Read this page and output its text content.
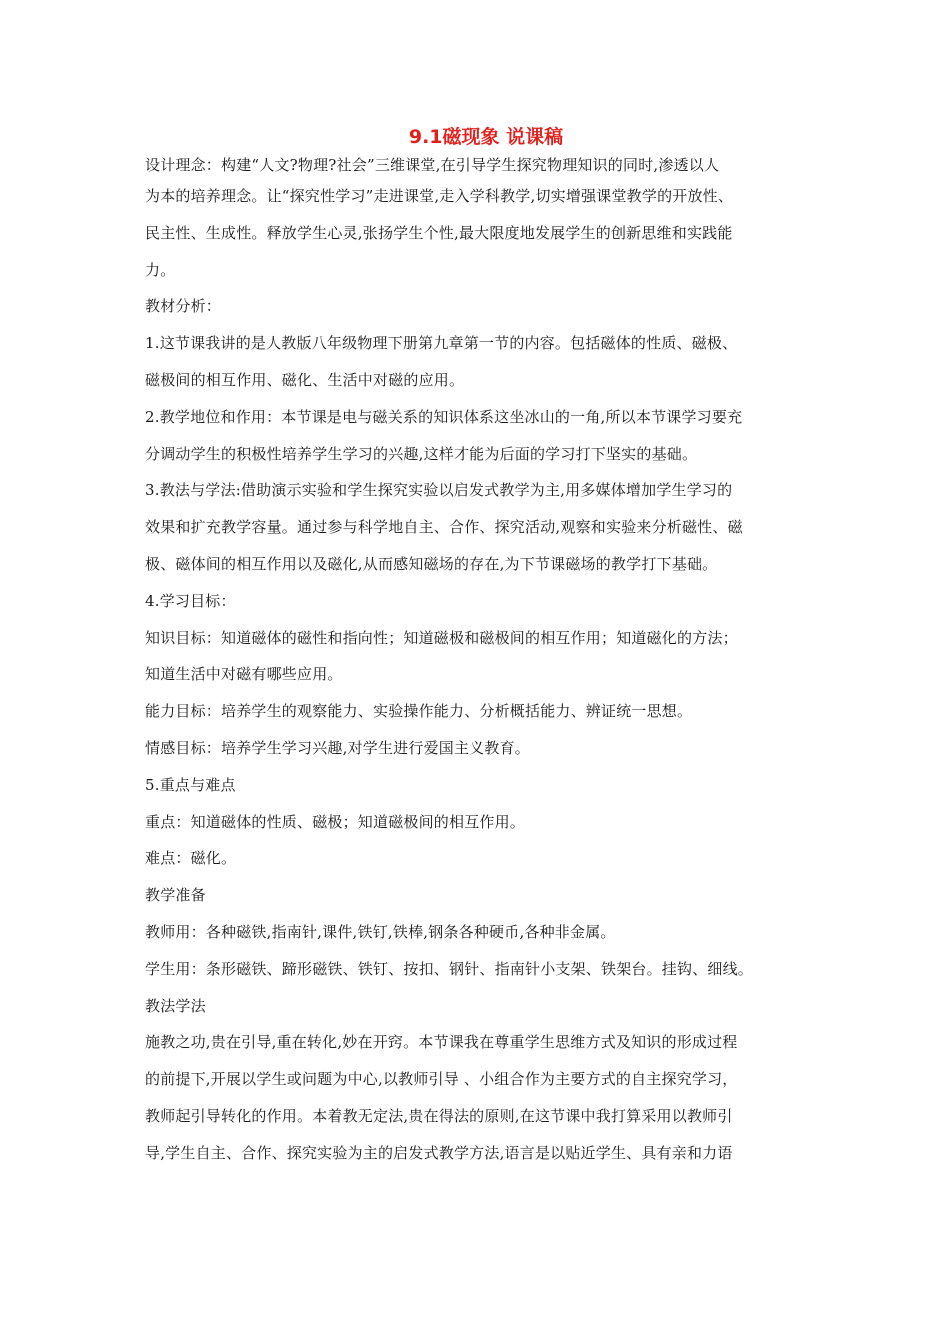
9.1磁现象 说课稿
设计理念：构建“人文?物理?社会”三维课堂,在引导学生探究物理知识的同时,渗透以人
为本的培养理念。让“探究性学习”走进课堂,走入学科教学,切实增强课堂教学的开放性、
民主性、生成性。释放学生心灵,张扬学生个性,最大限度地发展学生的创新思维和实践能
力。
教材分析：
1.这节课我讲的是人教版八年级物理下册第九章第一节的内容。包括磁体的性质、磁极、
磁极间的相互作用、磁化、生活中对磁的应用。
2.教学地位和作用：本节课是电与磁关系的知识体系这坐冰山的一角,所以本节课学习要充
分调动学生的积极性培养学生学习的兴趣,这样才能为后面的学习打下坚实的基础。
3.教法与学法:借助演示实验和学生探究实验以启发式教学为主,用多媒体增加学生学习的
效果和扩充教学容量。通过参与科学地自主、合作、探究活动,观察和实验来分析磁性、磁
极、磁体间的相互作用以及磁化,从而感知磁场的存在,为下节课磁场的教学打下基础。
4.学习目标：
知识目标：知道磁体的磁性和指向性；知道磁极和磁极间的相互作用；知道磁化的方法；
知道生活中对磁有哪些应用。
能力目标：培养学生的观察能力、实验操作能力、分析概括能力、辨证统一思想。
情感目标：培养学生学习兴趣,对学生进行爱国主义教育。
5.重点与难点
重点：知道磁体的性质、磁极；知道磁极间的相互作用。
难点：磁化。
教学准备
教师用：各种磁铁,指南针,课件,铁钉,铁棒,钢条各种硬币,各种非金属。
学生用：条形磁铁、蹄形磁铁、铁钉、按扣、钢针、指南针小支架、铁架台。挂钩、细线。
教法学法
施教之功,贵在引导,重在转化,妙在开窍。本节课我在尊重学生思维方式及知识的形成过程
的前提下,开展以学生或问题为中心,以教师引导 、小组合作为主要方式的自主探究学习，
教师起引导转化的作用。本着教无定法,贵在得法的原则,在这节课中我打算采用以教师引
导,学生自主、合作、探究实验为主的启发式教学方法,语言是以贴近学生、具有亲和力语
